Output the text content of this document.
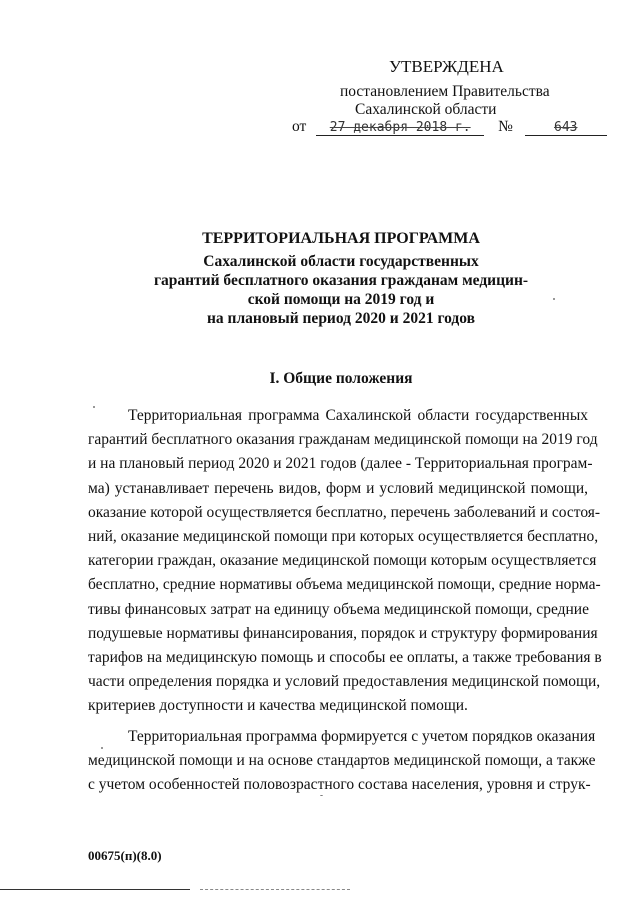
УТВЕРЖДЕНА
постановлением Правительства
Сахалинской области
от 27 декабря 2018 г. №	643
ТЕРРИТОРИАЛЬНАЯ ПРОГРАММА
Сахалинской области государственных
гарантий бесплатного оказания гражданам медицин-
ской помощи на 2019 год и
на плановый период 2020 и 2021 годов
I. Общие положения
Территориальная программа Сахалинской области государственных
гарантий бесплатного оказания гражданам медицинской помощи на 2019 год
и на плановый период 2020 и 2021 годов (далее - Территориальная програм-
ма) устанавливает перечень видов, форм и условий медицинской помощи,
оказание которой осуществляется бесплатно, перечень заболеваний и состоя-
ний, оказание медицинской помощи при которых осуществляется бесплатно,
категории граждан, оказание медицинской помощи которым осуществляется
бесплатно, средние нормативы объема медицинской помощи, средние норма-
тивы финансовых затрат на единицу объема медицинской помощи, средние
подушевые нормативы финансирования, порядок и структуру формирования
тарифов на медицинскую помощь и способы ее оплаты, а также требования в
части определения порядка и условий предоставления медицинской помощи,
критериев доступности и качества медицинской помощи.
Территориальная программа формируется с учетом порядков оказания
медицинской помощи и на основе стандартов медицинской помощи, а также
с учетом особенностей половозрастного состава населения, уровня и струк-
00675(п)(8.0)
